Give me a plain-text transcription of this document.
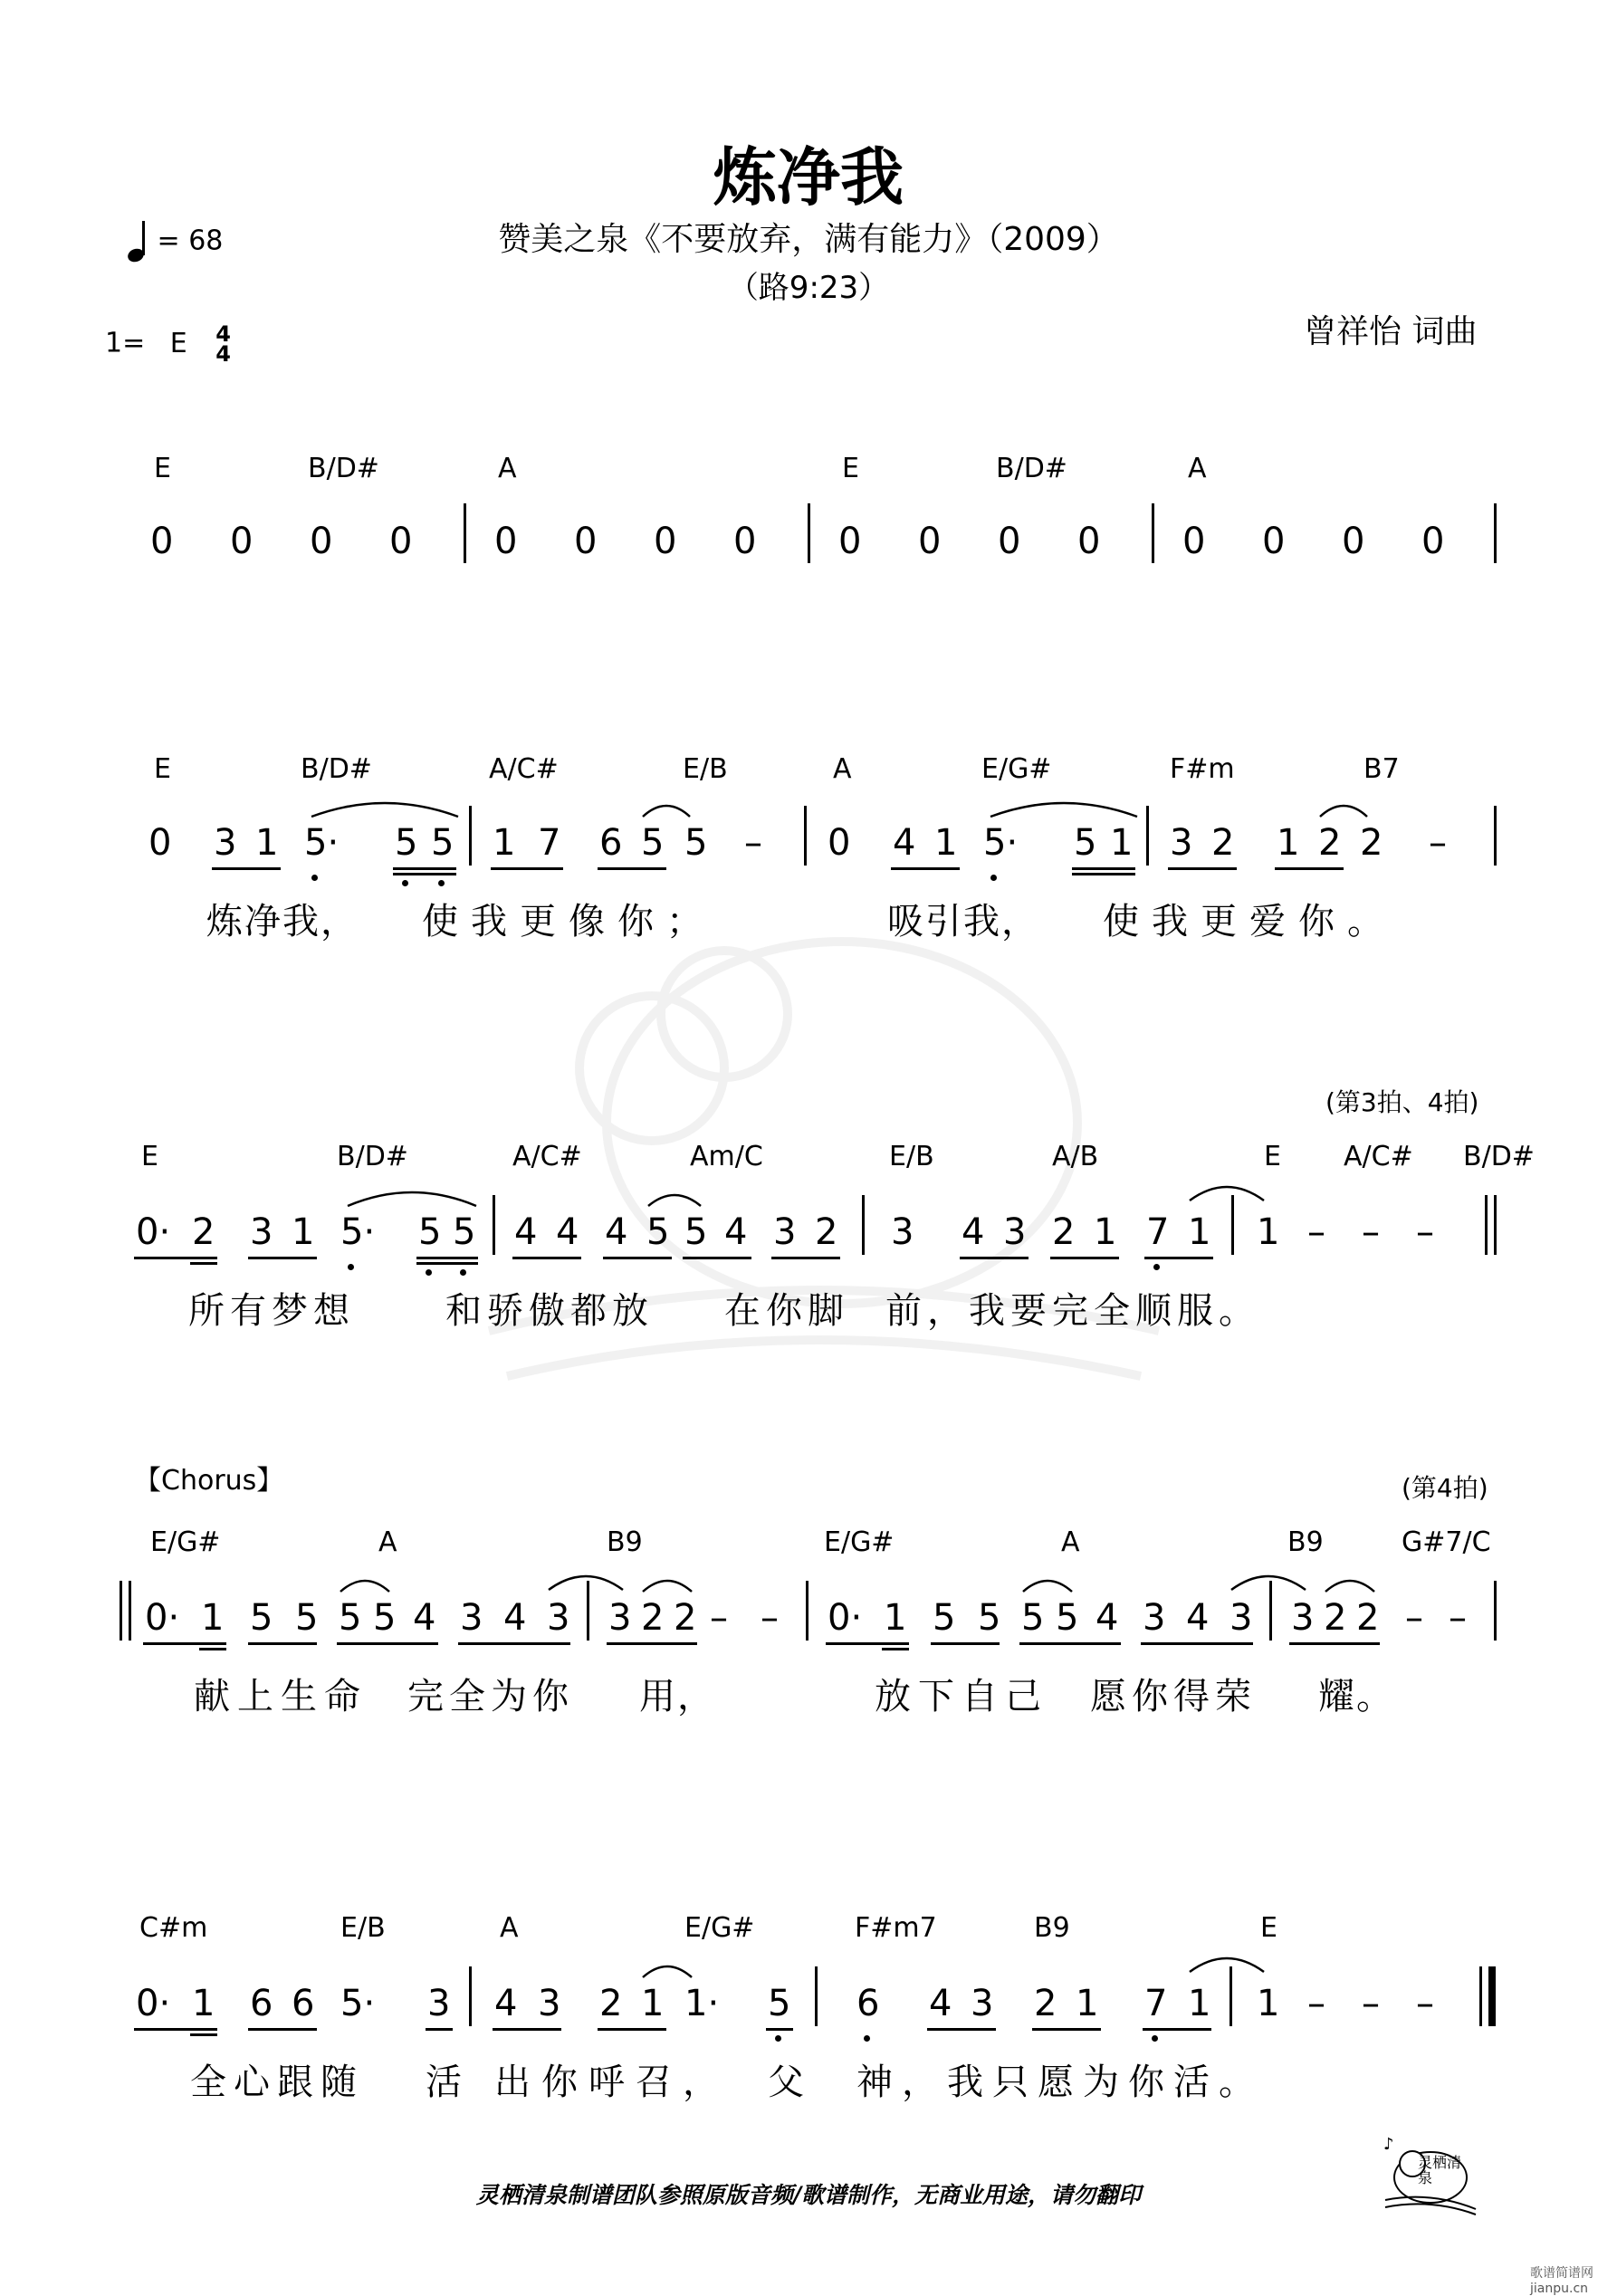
炼净我
赞美之泉《不要放弃，满有能力》（2009）
（路9:23）
= 68
1= E 4
4
曾祥怡 词曲
E	B/D#	A	E	B/D#	A
0 0 0 0 0 0 0 0 0 0 0 0 0 0 0 0
E	B/D#	A/C#	E/B	A	E/G#	F#m	B7
0 3 1 5· 5 5 1 7 6 5 5 – 0 4 1 5· 5 1 3 2 1 2 2 –
炼净我， 使我更像你；	吸引我， 使我更爱你。
(第3拍、4拍)
E	B/D#	A/C#	Am/C	E/B	A/B	E A/C# B/D#
0· 2 3 1 5· 5 5 4 4 4 5 5 4 3 2 3 4 3 2 1 7 1 1 – – –
所有梦想	和骄傲都放 在你脚 前，我要完全顺服。
【Chorus】	(第4拍)
E/G#	A	B9	E/G#	A	B9	G#7/C
0· 1 5 5 5 5 4 3 4 3 3 2 2 – – 0· 1 5 5 5 5 4 3 4 3 3 2 2 – –
献上生命 完全为你 用，	放下自己 愿你得荣 耀。
C#m	E/B	A	E/G#	F#m7	B9	E
0· 1 6 6 5· 3 4 3 2 1 1· 5 6 4 3 2 1 7 1 1 – – –
全心跟随 活 出你呼召， 父 神，我只愿为你活。
灵栖清泉制谱团队参照原版音频/歌谱制作，无商业用途，请勿翻印
♪
灵栖清泉
歌谱简谱网 jianpu.cn
